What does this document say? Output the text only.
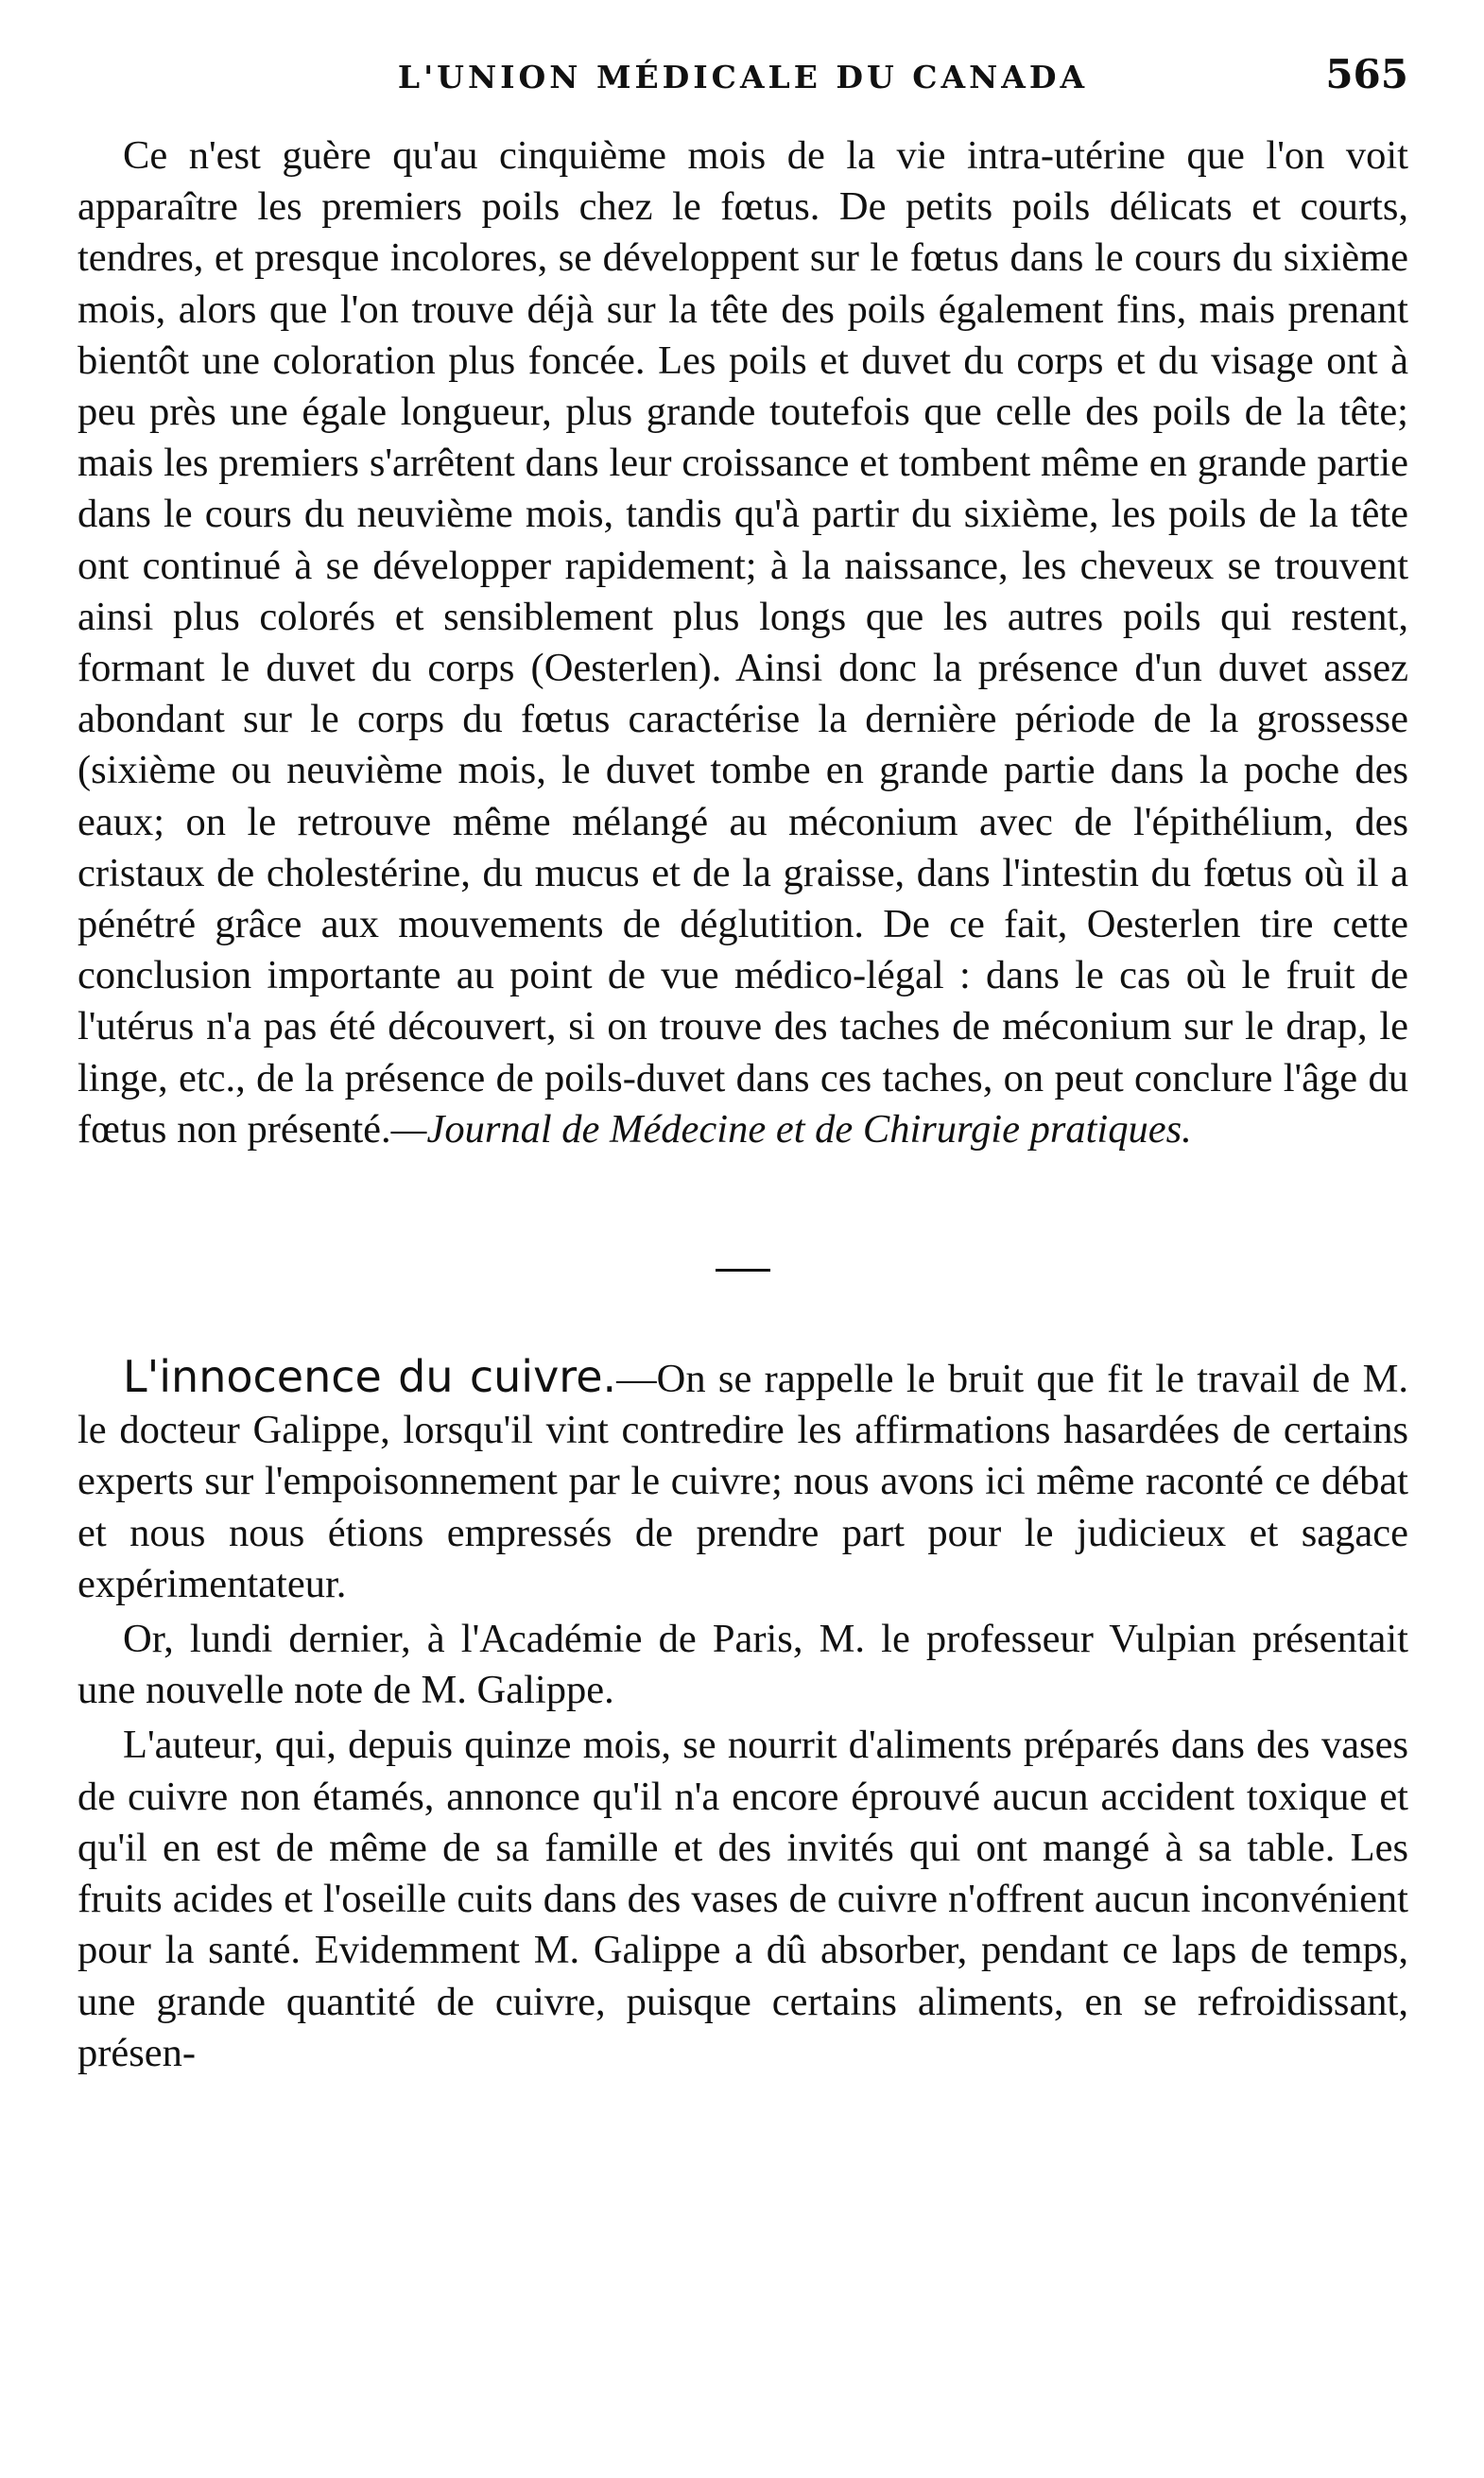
L'UNION MÉDICALE DU CANADA	565

Ce n'est guère qu'au cinquième mois de la vie intra-utérine que l'on voit apparaître les premiers poils chez le fœtus. De petits poils délicats et courts, tendres, et presque incolores, se développent sur le fœtus dans le cours du sixième mois, alors que l'on trouve déjà sur la tête des poils également fins, mais prenant bientôt une coloration plus foncée. Les poils et duvet du corps et du visage ont à peu près une égale longueur, plus grande toutefois que celle des poils de la tête; mais les premiers s'arrêtent dans leur croissance et tombent même en grande partie dans le cours du neuvième mois, tandis qu'à partir du sixième, les poils de la tête ont continué à se développer rapidement; à la naissance, les cheveux se trouvent ainsi plus colorés et sensiblement plus longs que les autres poils qui restent, formant le duvet du corps (Oesterlen). Ainsi donc la présence d'un duvet assez abondant sur le corps du fœtus caractérise la dernière période de la grossesse (sixième ou neuvième mois, le duvet tombe en grande partie dans la poche des eaux; on le retrouve même mélangé au méconium avec de l'épithélium, des cristaux de cholestérine, du mucus et de la graisse, dans l'intestin du fœtus où il a pénétré grâce aux mouvements de déglutition. De ce fait, Oesterlen tire cette conclusion importante au point de vue médico-légal : dans le cas où le fruit de l'utérus n'a pas été découvert, si on trouve des taches de méconium sur le drap, le linge, etc., de la présence de poils-duvet dans ces taches, on peut conclure l'âge du fœtus non présenté.—Journal de Médecine et de Chirurgie pratiques.

L'innocence du cuivre.—On se rappelle le bruit que fit le travail de M. le docteur Galippe, lorsqu'il vint contredire les affirmations hasardées de certains experts sur l'empoisonnement par le cuivre; nous avons ici même raconté ce débat et nous nous étions empressés de prendre part pour le judicieux et sagace expérimentateur.

Or, lundi dernier, à l'Académie de Paris, M. le professeur Vulpian présentait une nouvelle note de M. Galippe.

L'auteur, qui, depuis quinze mois, se nourrit d'aliments préparés dans des vases de cuivre non étamés, annonce qu'il n'a encore éprouvé aucun accident toxique et qu'il en est de même de sa famille et des invités qui ont mangé à sa table. Les fruits acides et l'oseille cuits dans des vases de cuivre n'offrent aucun inconvénient pour la santé. Evidemment M. Galippe a dû absorber, pendant ce laps de temps, une grande quantité de cuivre, puisque certains aliments, en se refroidissant, présen-
